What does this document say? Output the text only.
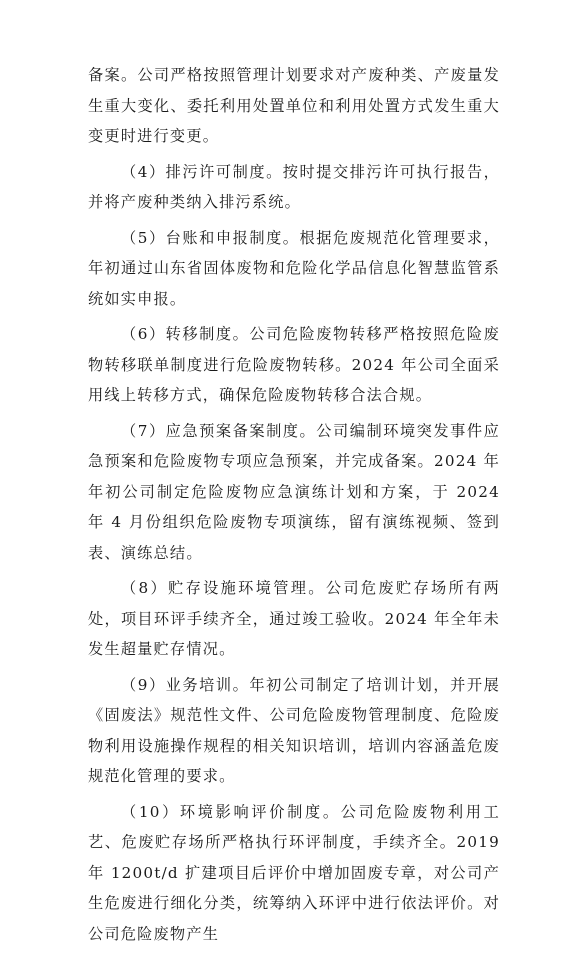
备案。公司严格按照管理计划要求对产废种类、产废量发生重大变化、委托利用处置单位和利用处置方式发生重大变更时进行变更。

（4）排污许可制度。按时提交排污许可执行报告，并将产废种类纳入排污系统。

（5）台账和申报制度。根据危废规范化管理要求，年初通过山东省固体废物和危险化学品信息化智慧监管系统如实申报。

（6）转移制度。公司危险废物转移严格按照危险废物转移联单制度进行危险废物转移。2024 年公司全面采用线上转移方式，确保危险废物转移合法合规。

（7）应急预案备案制度。公司编制环境突发事件应急预案和危险废物专项应急预案，并完成备案。2024 年年初公司制定危险废物应急演练计划和方案，于 2024 年 4 月份组织危险废物专项演练，留有演练视频、签到表、演练总结。

（8）贮存设施环境管理。公司危废贮存场所有两处，项目环评手续齐全，通过竣工验收。2024 年全年未发生超量贮存情况。

（9）业务培训。年初公司制定了培训计划，并开展《固废法》规范性文件、公司危险废物管理制度、危险废物利用设施操作规程的相关知识培训，培训内容涵盖危废规范化管理的要求。

（10）环境影响评价制度。公司危险废物利用工艺、危废贮存场所严格执行环评制度，手续齐全。2019 年 1200t/d 扩建项目后评价中增加固废专章，对公司产生危废进行细化分类，统筹纳入环评中进行依法评价。对公司危险废物产生
